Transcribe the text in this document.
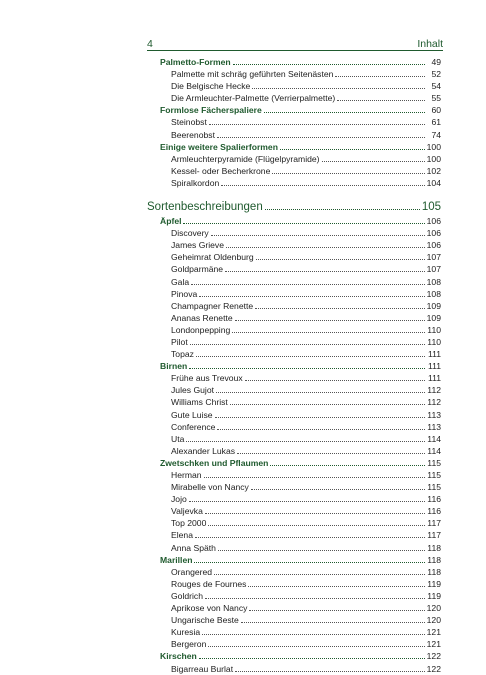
4	Inhalt
Palmetto-Formen	49
Palmette mit schräg geführten Seitenästen	52
Die Belgische Hecke	54
Die Armleuchter-Palmette (Verrierpalmette)	55
Formlose Fächerspaliere	60
Steinobst	61
Beerenobst	74
Einige weitere Spalierformen	100
Armleuchterpyramide (Flügelpyramide)	100
Kessel- oder Becherkrone	102
Spiralkordon	104
Sortenbeschreibungen	105
Äpfel	106
Discovery	106
James Grieve	106
Geheimrat Oldenburg	107
Goldparmäne	107
Gala	108
Pinova	108
Champagner Renette	109
Ananas Renette	109
Londonpepping	110
Pilot	110
Topaz	111
Birnen	111
Frühe aus Trevoux	111
Jules Gujot	112
Williams Christ	112
Gute Luise	113
Conference	113
Uta	114
Alexander Lukas	114
Zwetschken und Pflaumen	115
Herman	115
Mirabelle von Nancy	115
Jojo	116
Valjevka	116
Top 2000	117
Elena	117
Anna Späth	118
Marillen	118
Orangered	118
Rouges de Fournes	119
Goldrich	119
Aprikose von Nancy	120
Ungarische Beste	120
Kuresia	121
Bergeron	121
Kirschen	122
Bigarreau Burlat	122
